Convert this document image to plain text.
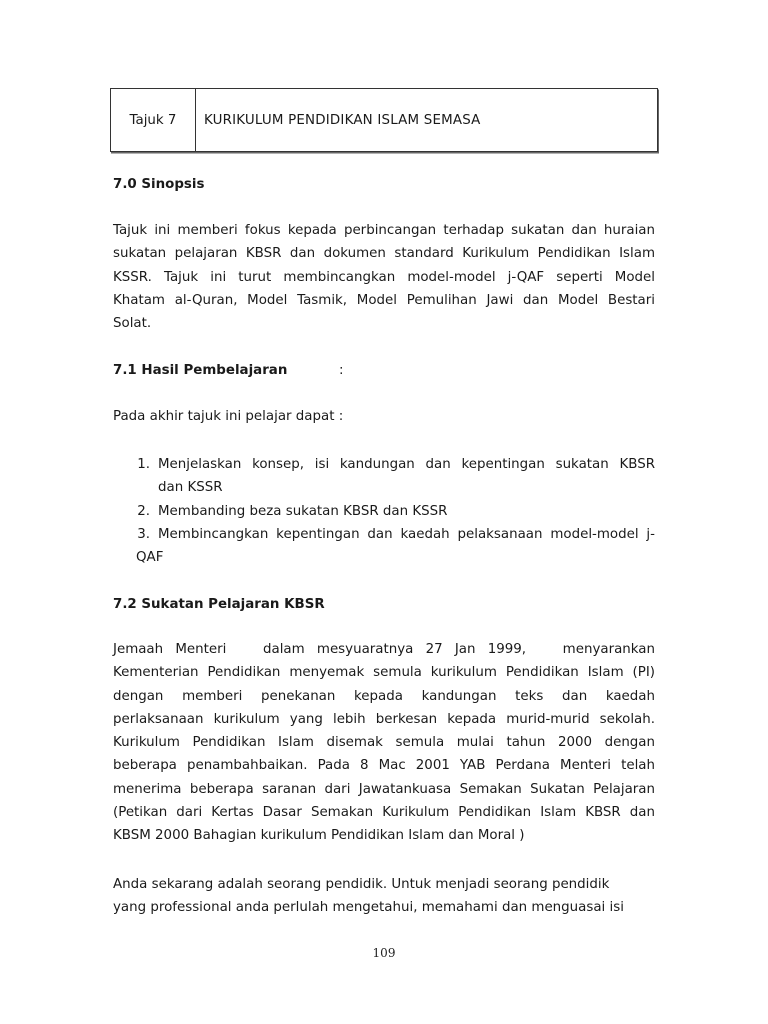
Tajuk 7	KURIKULUM PENDIDIKAN ISLAM SEMASA
7.0 Sinopsis
Tajuk ini memberi fokus kepada perbincangan terhadap sukatan dan huraian
sukatan pelajaran KBSR dan dokumen standard Kurikulum Pendidikan Islam
KSSR. Tajuk ini turut membincangkan model-model j-QAF seperti Model
Khatam al-Quran, Model Tasmik, Model Pemulihan Jawi dan Model Bestari
Solat.
7.1 Hasil Pembelajaran	:
Pada akhir tajuk ini pelajar dapat :
1. Menjelaskan konsep, isi kandungan dan kepentingan sukatan KBSR
dan KSSR
2. Membanding beza sukatan KBSR dan KSSR
3. Membincangkan kepentingan dan kaedah pelaksanaan model-model j-
QAF
7.2 Sukatan Pelajaran KBSR
Jemaah Menteri   dalam mesyuaratnya 27 Jan 1999,   menyarankan
Kementerian Pendidikan menyemak semula kurikulum Pendidikan Islam (PI)
dengan memberi penekanan kepada kandungan teks dan kaedah
perlaksanaan kurikulum yang lebih berkesan kepada murid-murid sekolah.
Kurikulum Pendidikan Islam disemak semula mulai tahun 2000 dengan
beberapa penambahbaikan. Pada 8 Mac 2001 YAB Perdana Menteri telah
menerima beberapa saranan dari Jawatankuasa Semakan Sukatan Pelajaran
(Petikan dari Kertas Dasar Semakan Kurikulum Pendidikan Islam KBSR dan
KBSM 2000 Bahagian kurikulum Pendidikan Islam dan Moral )
Anda sekarang adalah seorang pendidik. Untuk menjadi seorang pendidik
yang professional anda perlulah mengetahui, memahami dan menguasai isi
109
